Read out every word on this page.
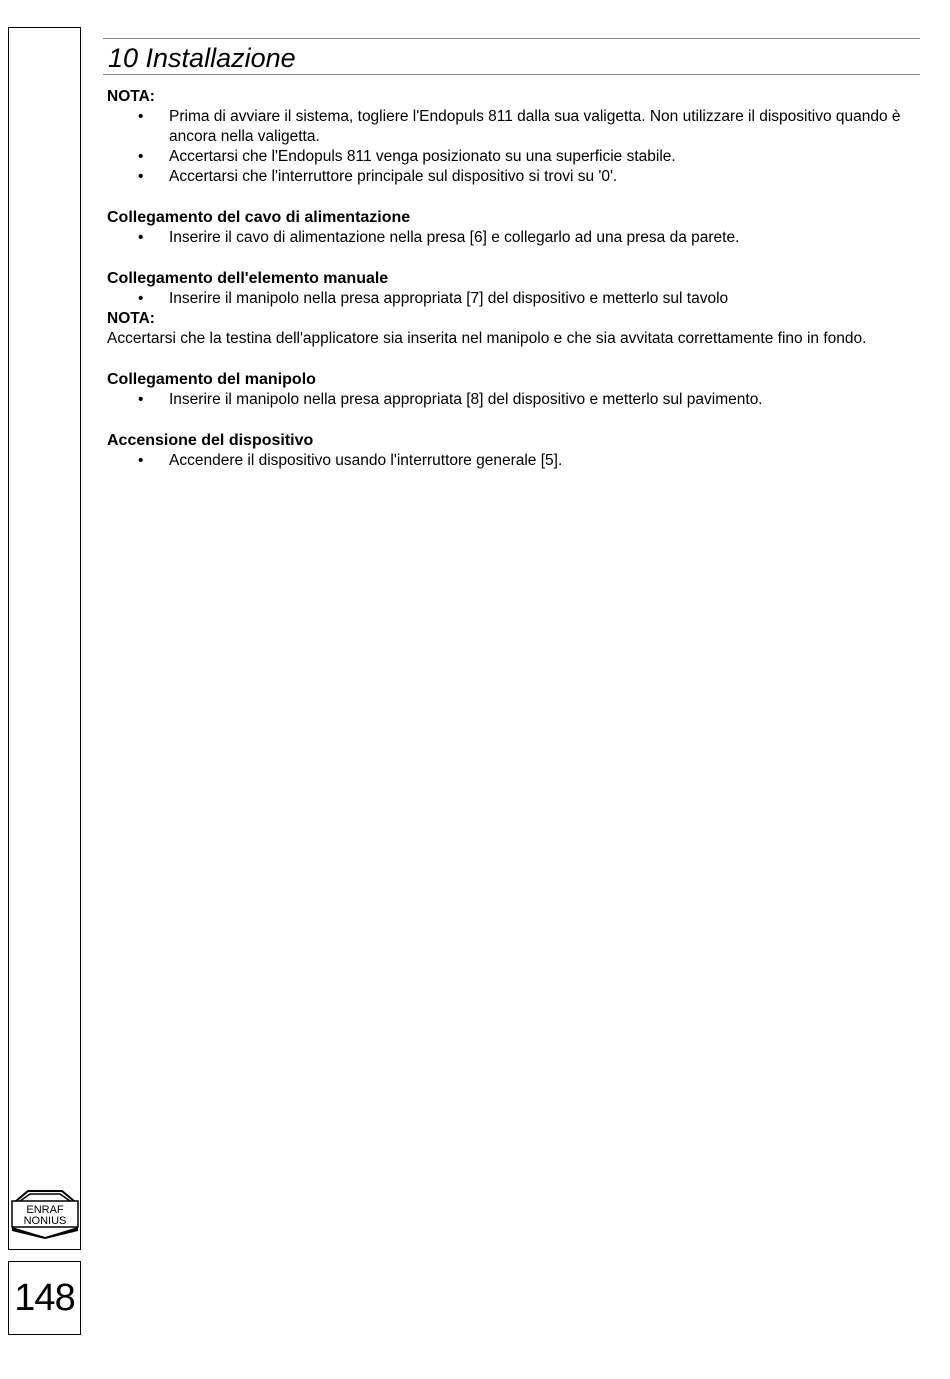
ENRAF
NONIUS
148
10 Installazione

NOTA:

• Prima di avviare il sistema, togliere l'Endopuls 811 dalla sua valigetta. Non utilizzare il dispositivo quando è ancora nella valigetta.
• Accertarsi che l'Endopuls 811 venga posizionato su una superficie stabile.
• Accertarsi che l'interruttore principale sul dispositivo si trovi su '0'.

Collegamento del cavo di alimentazione

• Inserire il cavo di alimentazione nella presa [6] e collegarlo ad una presa da parete.

Collegamento dell'elemento manuale

• Inserire il manipolo nella presa appropriata [7] del dispositivo e metterlo sul tavolo

NOTA:

Accertarsi che la testina dell'applicatore sia inserita nel manipolo e che sia avvitata correttamente fino in fondo.

Collegamento del manipolo

• Inserire il manipolo nella presa appropriata [8] del dispositivo e metterlo sul pavimento.

Accensione del dispositivo

• Accendere il dispositivo usando l'interruttore generale [5].
